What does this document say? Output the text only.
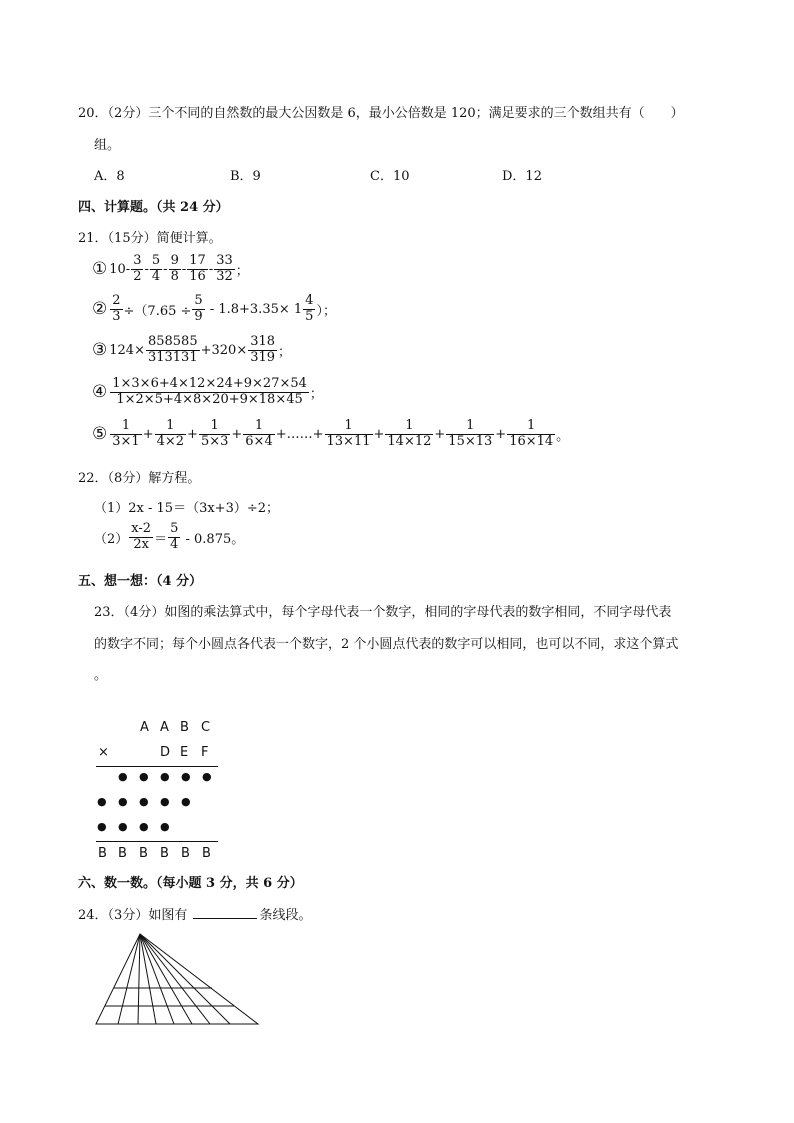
20．（2分）三个不同的自然数的最大公因数是 6，最小公倍数是 120；满足要求的三个数组共有（　　）
组。
A．8	B．9	C．10	D．12
四、计算题。（共 24 分）
21．（15分）简便计算。
① $10- \frac{3}{2} - \frac{5}{4} - \frac{9}{8} - \frac{17}{16} - \frac{33}{32}$ ；
② $\frac{2}{3} \div(7.65 \div \frac{5}{9} - 1.8+3.35\times 1 \frac{4}{5}$ ）；
③ $124\times \frac{858585}{313131} +320\times \frac{318}{319}$ ；
④ $\frac{1\times 3\times 6+4\times 12\times 24+9\times 27\times 54}{1\times 2\times 5+4\times 8\times 20+9\times 18\times 45}$ ；
⑤ $\frac{1}{3\times 1} + \frac{1}{4\times 2} + \frac{1}{5\times 3} + \frac{1}{6\times 4}$ +……+ $\frac{1}{13\times 11} + \frac{1}{14\times 12} + \frac{1}{15\times 13} + \frac{1}{16\times 14}$ 。
22．（8分）解方程。
（1）2x - 15＝（3x+3）÷2；
$(2) \frac{x-2}{2x} = \frac{5}{4} - 0.875$。
五、想一想：（4 分）
23．（4分）如图的乘法算式中，每个字母代表一个数字，相同的字母代表的数字相同，不同字母代表
的数字不同；每个小圆点各代表一个数字，2 个小圆点代表的数字可以相同，也可以不同，求这个算式
。
A A B C
×	D E F
● ● ● ● ●
● ● ● ● ●
● ● ● ●
B B B B B B
六、数一数。（每小题 3 分，共 6 分）
24．（3分）如图有	条线段。
